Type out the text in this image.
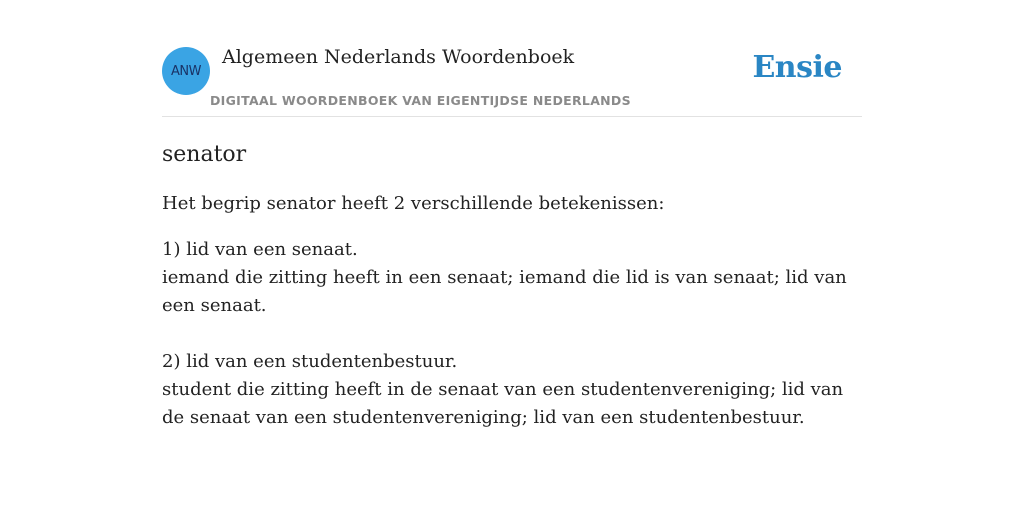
ANW
Algemeen Nederlands Woordenboek
DIGITAAL WOORDENBOEK VAN EIGENTIJDSE NEDERLANDS
Ensie
senator

Het begrip senator heeft 2 verschillende betekenissen:

1) lid van een senaat.
iemand die zitting heeft in een senaat; iemand die lid is van senaat; lid van een senaat.
2) lid van een studentenbestuur.
student die zitting heeft in de senaat van een studentenvereniging; lid van de senaat van een studentenvereniging; lid van een studentenbestuur.
